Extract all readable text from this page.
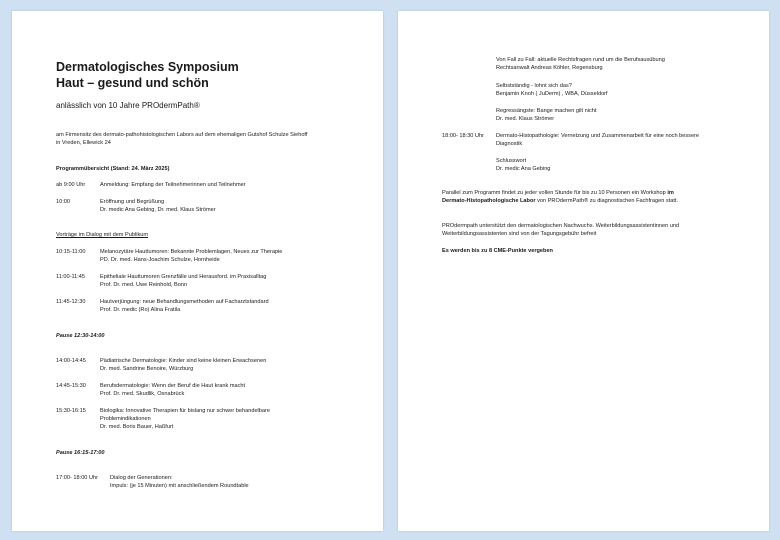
Dermatologisches Symposium
Haut – gesund und schön
anlässlich von 10 Jahre PROdermPath®
am Firmensitz des dermato-pathohistologischen Labors auf dem ehemaligen Gutshof Schulze Siehoff
in Vreden, Ellewick 24
Programmübersicht (Stand: 24. März 2025)
ab 9:00 Uhr	Anmeldung: Empfang der Teilnehmerinnen und Teilnehmer
10:00	Eröffnung und Begrüßung
Dr. medic Ana Gebing, Dr. med. Klaus Strömer
Vorträge im Dialog mit dem Publikum
10:15-11:00	Melanozytäre Hauttumoren: Bekannte Problemlagen, Neues zur Therapie
PD. Dr. med. Hans-Joachim Schulze, Hornheide
11:00-11:45	Epitheliale Hauttumoren Grenzfälle und Herausford. im Praxisalltag
Prof. Dr. med. Uwe Reinhold, Bonn
11:45-12:30	Hautverjüngung: neue Behandlungsmethoden auf Facharztstandard
Prof. Dr. medic (Ro) Alina Fratila
Pause 12:30-14:00
14:00-14:45	Pädiatrische Dermatologie: Kinder sind keine kleinen Erwachsenen
Dr. med. Sandrine Benoire, Würzburg
14:45-15:30	Berufsdermatologie: Wenn der Beruf die Haut krank macht
Prof. Dr. med. Skudlik, Osnabrück
15:30-16:15	Biologika: Innovative Therapien für bislang nur schwer behandelbare
Problemindikationen
Dr. med. Boris Bauer, Haßfurt
Pause 16:15-17:00
17:00- 18:00 Uhr Dialog der Generationen:
Impuls: (je 15 Minuten) mit anschließendem Roundtable
Von Fall zu Fall: aktuelle Rechtsfragen rund um die Berufsausübung
Rechtsanwalt Andreas Köhler, Regensburg
Selbstständig - lohnt sich das?
Benjamin Knoh ( JuDerm) , WBA, Düsseldorf
Regressängste: Bange machen gilt nicht
Dr. med. Klaus Strömer
18:00- 18:30 Uhr Dermato-Histopathologie: Vernetzung und Zusammenarbeit für eine noch bessere
Diagnostik
Schlusswort
Dr. medic Ana Gebing
Parallel zum Programm findet zu jeder vollen Stunde für bis zu 10 Personen ein Workshop im
Dermato-Histopathologische Labor von PROdermPath® zu diagnostischen Fachfragen statt.
PROdermpath unterstützt den dermatologischen Nachwuchs. Weiterbildungsassistentinnen und
Weiterbildungsassistenten sind von der Tagungsgebühr befreit
Es werden bis zu 8 CME-Punkte vergeben
